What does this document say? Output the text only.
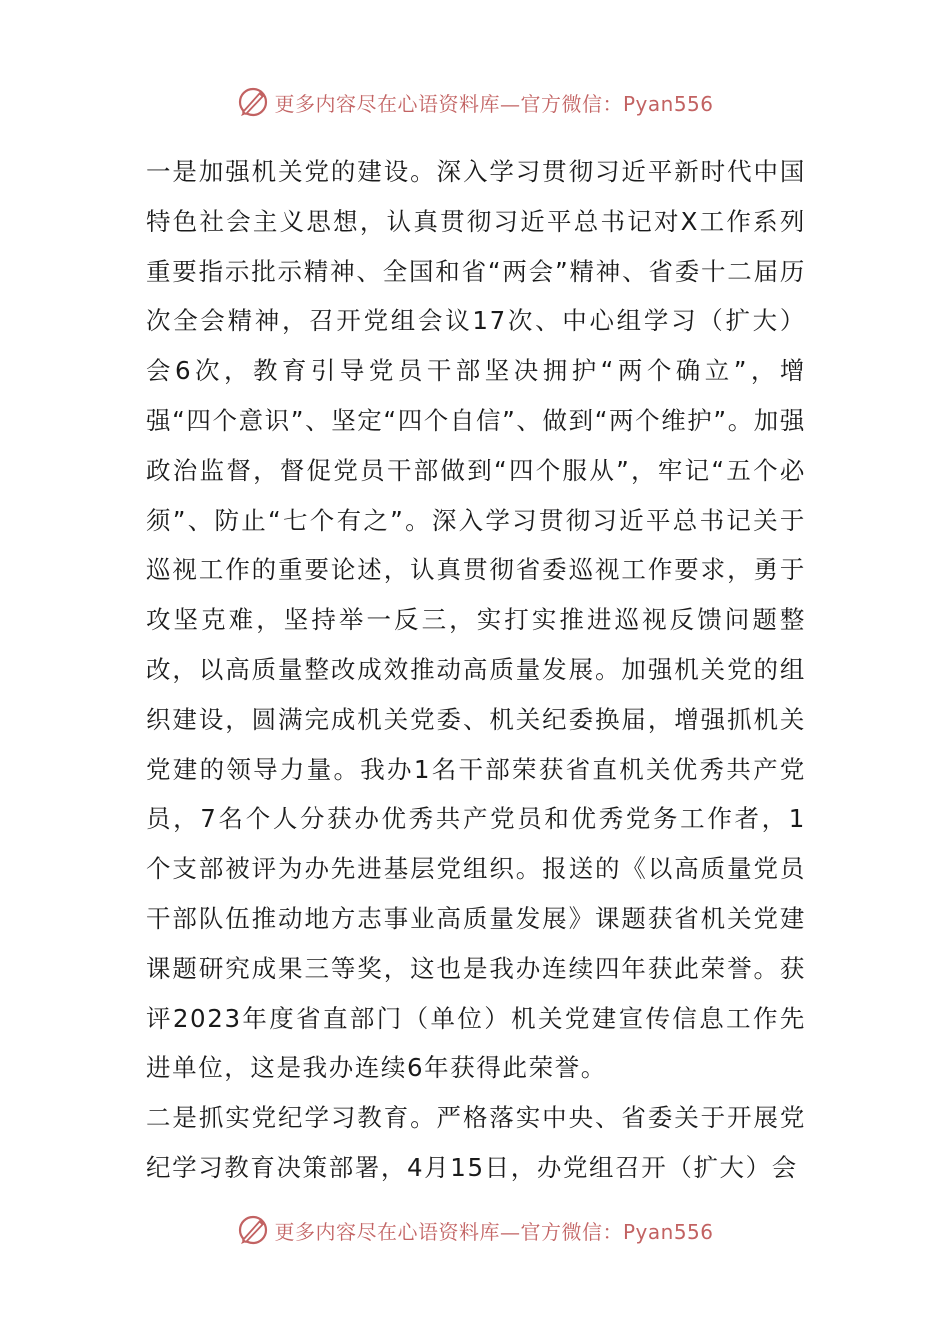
更多内容尽在心语资料库—官方微信：Pyan556

一是加强机关党的建设。深入学习贯彻习近平新时代中国特色社会主义思想，认真贯彻习近平总书记对X工作系列重要指示批示精神、全国和省“两会”精神、省委十二届历次全会精神，召开党组会议17次、中心组学习（扩大）会6次，教育引导党员干部坚决拥护“两个确立”，增强“四个意识”、坚定“四个自信”、做到“两个维护”。加强政治监督，督促党员干部做到“四个服从”，牢记“五个必须”、防止“七个有之”。深入学习贯彻习近平总书记关于巡视工作的重要论述，认真贯彻省委巡视工作要求，勇于攻坚克难，坚持举一反三，实打实推进巡视反馈问题整改，以高质量整改成效推动高质量发展。加强机关党的组织建设，圆满完成机关党委、机关纪委换届，增强抓机关党建的领导力量。我办1名干部荣获省直机关优秀共产党员，7名个人分获办优秀共产党员和优秀党务工作者，1个支部被评为办先进基层党组织。报送的《以高质量党员干部队伍推动地方志事业高质量发展》课题获省机关党建课题研究成果三等奖，这也是我办连续四年获此荣誉。获评2023年度省直部门（单位）机关党建宣传信息工作先进单位，这是我办连续6年获得此荣誉。

二是抓实党纪学习教育。严格落实中央、省委关于开展党纪学习教育决策部署，4月15日，办党组召开（扩大）会

更多内容尽在心语资料库—官方微信：Pyan556
